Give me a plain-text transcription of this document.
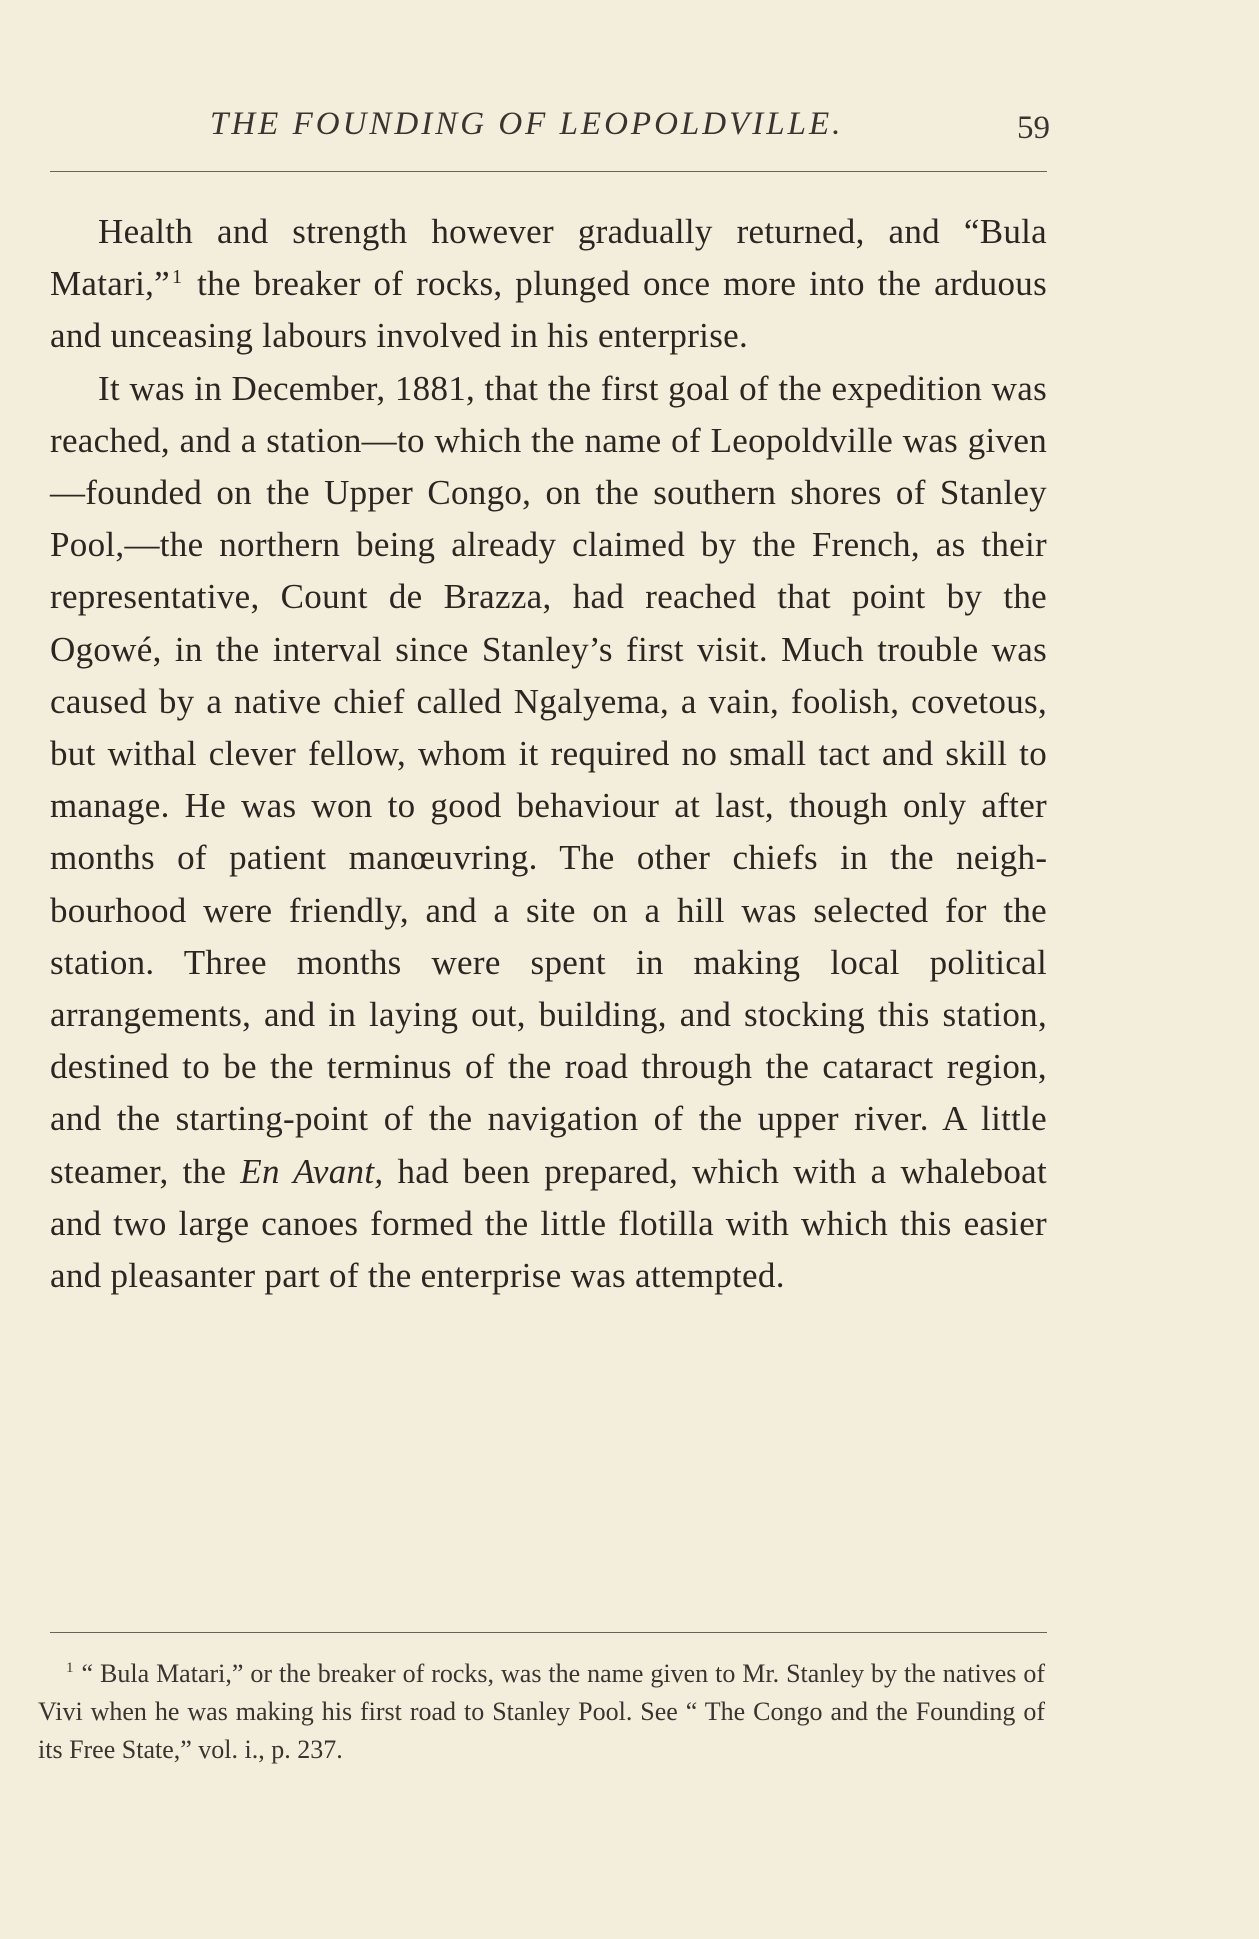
THE FOUNDING OF LEOPOLDVILLE.	59

Health and strength however gradually returned, and “Bula Matari,” $^1$ the breaker of rocks, plunged once more into the arduous and unceasing labours involved in his enterprise.

It was in December, 1881, that the first goal of the expedition was reached, and a station—to which the name of Leopoldville was given—founded on the Upper Congo, on the southern shores of Stanley Pool,—the northern being already claimed by the French, as their representative, Count de Brazza, had reached that point by the Ogowé, in the interval since Stanley’s first visit. Much trouble was caused by a native chief called Ngalyema, a vain, foolish, covetous, but withal clever fellow, whom it required no small tact and skill to manage. He was won to good behaviour at last, though only after months of patient manœuvring. The other chiefs in the neighbourhood were friendly, and a site on a hill was selected for the station. Three months were spent in making local political arrangements, and in laying out, building, and stocking this station, destined to be the terminus of the road through the cataract region, and the starting-point of the navigation of the upper river. A little steamer, the En Avant, had been prepared, which with a whaleboat and two large canoes formed the little flotilla with which this easier and pleasanter part of the enterprise was attempted.

$^1$ “ Bula Matari,” or the breaker of rocks, was the name given to Mr. Stanley by the natives of Vivi when he was making his first road to Stanley Pool. See “ The Congo and the Founding of its Free State,” vol. i., p. 237.
